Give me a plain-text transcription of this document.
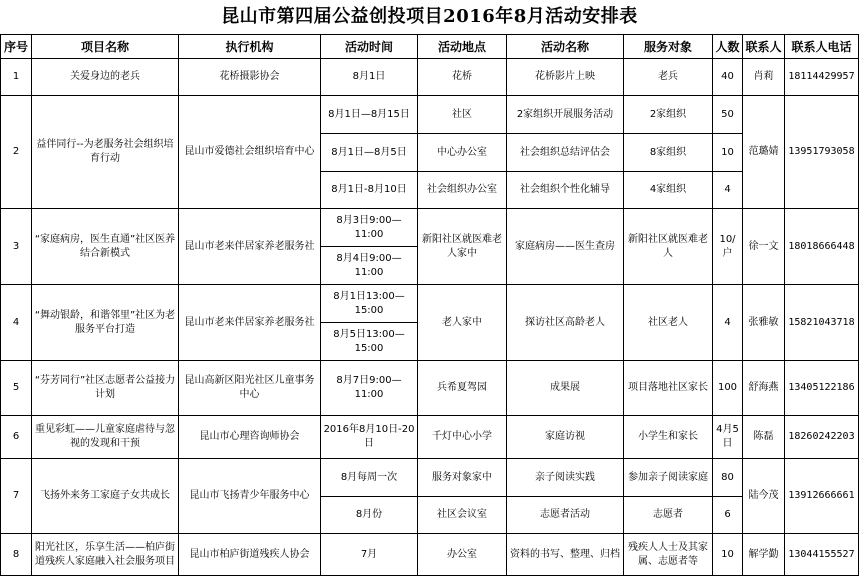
昆山市第四届公益创投项目2016年8月活动安排表
序号	项目名称	执行机构	活动时间	活动地点	活动名称	服务对象	人数	联系人	联系人电话
1	关爱身边的老兵	花桥摄影协会	8月1日	花桥	花桥影片上映	老兵	40	肖莉	18114429957
2	益伴同行--为老服务社会组织培育行动	昆山市爱德社会组织培育中心	8月1日—8月15日	社区	2家组织开展服务活动	2家组织	50	范璐婧	13951793058
			8月1日—8月5日	中心办公室	社会组织总结评估会	8家组织	10		
			8月1日-8月10日	社会组织办公室	社会组织个性化辅导	4家组织	4		
3	“家庭病房，医生直通”社区医养结合新模式	昆山市老来伴居家养老服务社	8月3日9:00—11:00	新阳社区就医难老人家中	家庭病房——医生查房	新阳社区就医难老人	10/户	徐一文	18018666448
			8月4日9:00—11:00						
4	“舞动银龄，和谐邻里”社区为老服务平台打造	昆山市老来伴居家养老服务社	8月1日13:00—15:00	老人家中	探访社区高龄老人	社区老人	4	张雅敏	15821043718
			8月5日13:00—15:00						
5	“芬芳同行”社区志愿者公益接力计划	昆山高新区阳光社区儿童事务中心	8月7日9:00—11:00	兵希夏驾园	成果展	项目落地社区家长	100	舒海燕	13405122186
6	重见彩虹——儿童家庭虐待与忽视的发现和干预	昆山市心理咨询师协会	2016年8月10日-20日	千灯中心小学	家庭访视	小学生和家长	4月5日	陈磊	18260242203
7	飞扬外来务工家庭子女共成长	昆山市飞扬青少年服务中心	8月每周一次	服务对象家中	亲子阅读实践	参加亲子阅读家庭	80	陆今茂	13912666661
			8月份	社区会议室	志愿者活动	志愿者	6		
8	阳光社区，乐享生活——柏庐街道残疾人家庭融入社会服务项目	昆山市柏庐街道残疾人协会	7月	办公室	资料的书写、整理、归档	残疾人人士及其家属、志愿者等	10	解学勤	13044155527
